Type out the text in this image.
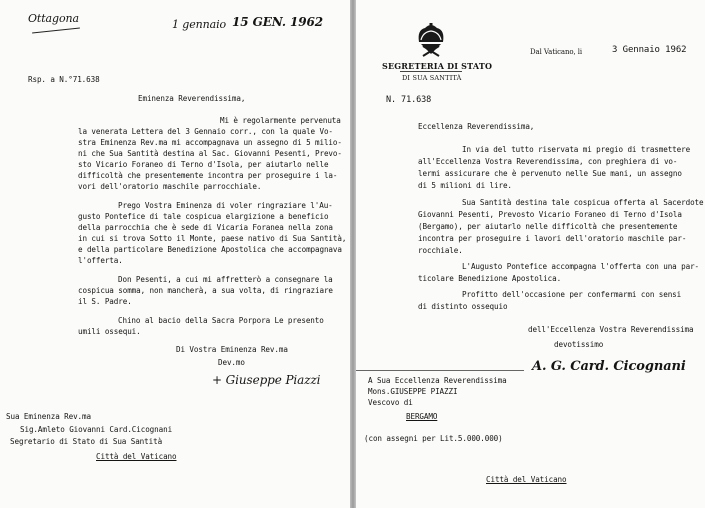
Ottagona	1 gennaio 15 GEN. 1962
Rsp. a N.°71.638
Eminenza Reverendissima,
Mi è regolarmente pervenuta
la venerata Lettera del 3 Gennaio corr., con la quale Vo-
stra Eminenza Rev.ma mi accompagnava un assegno di 5 milio-
ni che Sua Santità destina al Sac. Giovanni Pesenti, Prevo-
sto Vicario Foraneo di Terno d'Isola, per aiutarlo nelle
difficoltà che presentemente incontra per proseguire i la-
vori dell'oratorio maschile parrocchiale.
Prego Vostra Eminenza di voler ringraziare l'Au-
gusto Pontefice di tale cospicua elargizione a beneficio
della parrocchia che è sede di Vicaria Foranea nella zona
in cui si trova Sotto il Monte, paese nativo di Sua Santità,
e della particolare Benedizione Apostolica che accompagnava
l'offerta.
Don Pesenti, a cui mi affretterò a consegnare la
cospicua somma, non mancherà, a sua volta, di ringraziare
il S. Padre.
Chino al bacio della Sacra Porpora Le presento
umili ossequi.
Di Vostra Eminenza Rev.ma
Dev.mo
+ Giuseppe Piazzi
Sua Eminenza Rev.ma
Sig.Amleto Giovanni Card.Cicognani
Segretario di Stato di Sua Santità
Città del Vaticano
SEGRETERIA DI STATO
DI SUA SANTITÀ
Dal Vaticano, li	3 Gennaio 1962
N. 71.638
Eccellenza Reverendissima,
In via del tutto riservata mi pregio di trasmettere
all'Eccellenza Vostra Reverendissima, con preghiera di vo-
lermi assicurare che è pervenuto nelle Sue mani, un assegno
di 5 milioni di lire.
Sua Santità destina tale cospicua offerta al Sacerdote
Giovanni Pesenti, Prevosto Vicario Foraneo di Terno d'Isola
(Bergamo), per aiutarlo nelle difficoltà che presentemente
incontra per proseguire i lavori dell'oratorio maschile par-
rocchiale.
L'Augusto Pontefice accompagna l'offerta con una par-
ticolare Benedizione Apostolica.
Profitto dell'occasione per confermarmi con sensi
di distinto ossequio
dell'Eccellenza Vostra Reverendissima
devotissimo
A. G. Card. Cicognani
A Sua Eccellenza Reverendissima
Mons.GIUSEPPE PIAZZI
Vescovo di
BERGAMO
(con assegni per Lit.5.000.000)
Città del Vaticano
